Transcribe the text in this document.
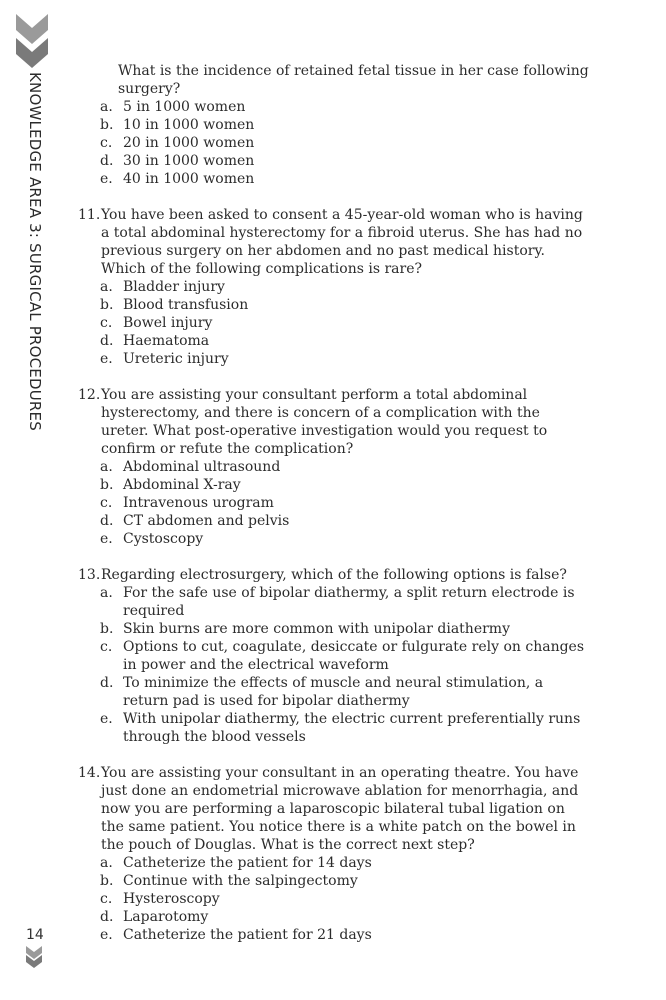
KNOWLEDGE AREA 3: SURGICAL PROCEDURES
14
What is the incidence of retained fetal tissue in her case following surgery?
a. 5 in 1000 women
b. 10 in 1000 women
c. 20 in 1000 women
d. 30 in 1000 women
e. 40 in 1000 women
11. You have been asked to consent a 45-year-old woman who is having a total abdominal hysterectomy for a fibroid uterus. She has had no previous surgery on her abdomen and no past medical history. Which of the following complications is rare?
a. Bladder injury
b. Blood transfusion
c. Bowel injury
d. Haematoma
e. Ureteric injury
12. You are assisting your consultant perform a total abdominal hysterectomy, and there is concern of a complication with the ureter. What post-operative investigation would you request to confirm or refute the complication?
a. Abdominal ultrasound
b. Abdominal X-ray
c. Intravenous urogram
d. CT abdomen and pelvis
e. Cystoscopy
13. Regarding electrosurgery, which of the following options is false?
a. For the safe use of bipolar diathermy, a split return electrode is required
b. Skin burns are more common with unipolar diathermy
c. Options to cut, coagulate, desiccate or fulgurate rely on changes in power and the electrical waveform
d. To minimize the effects of muscle and neural stimulation, a return pad is used for bipolar diathermy
e. With unipolar diathermy, the electric current preferentially runs through the blood vessels
14. You are assisting your consultant in an operating theatre. You have just done an endometrial microwave ablation for menorrhagia, and now you are performing a laparoscopic bilateral tubal ligation on the same patient. You notice there is a white patch on the bowel in the pouch of Douglas. What is the correct next step?
a. Catheterize the patient for 14 days
b. Continue with the salpingectomy
c. Hysteroscopy
d. Laparotomy
e. Catheterize the patient for 21 days
